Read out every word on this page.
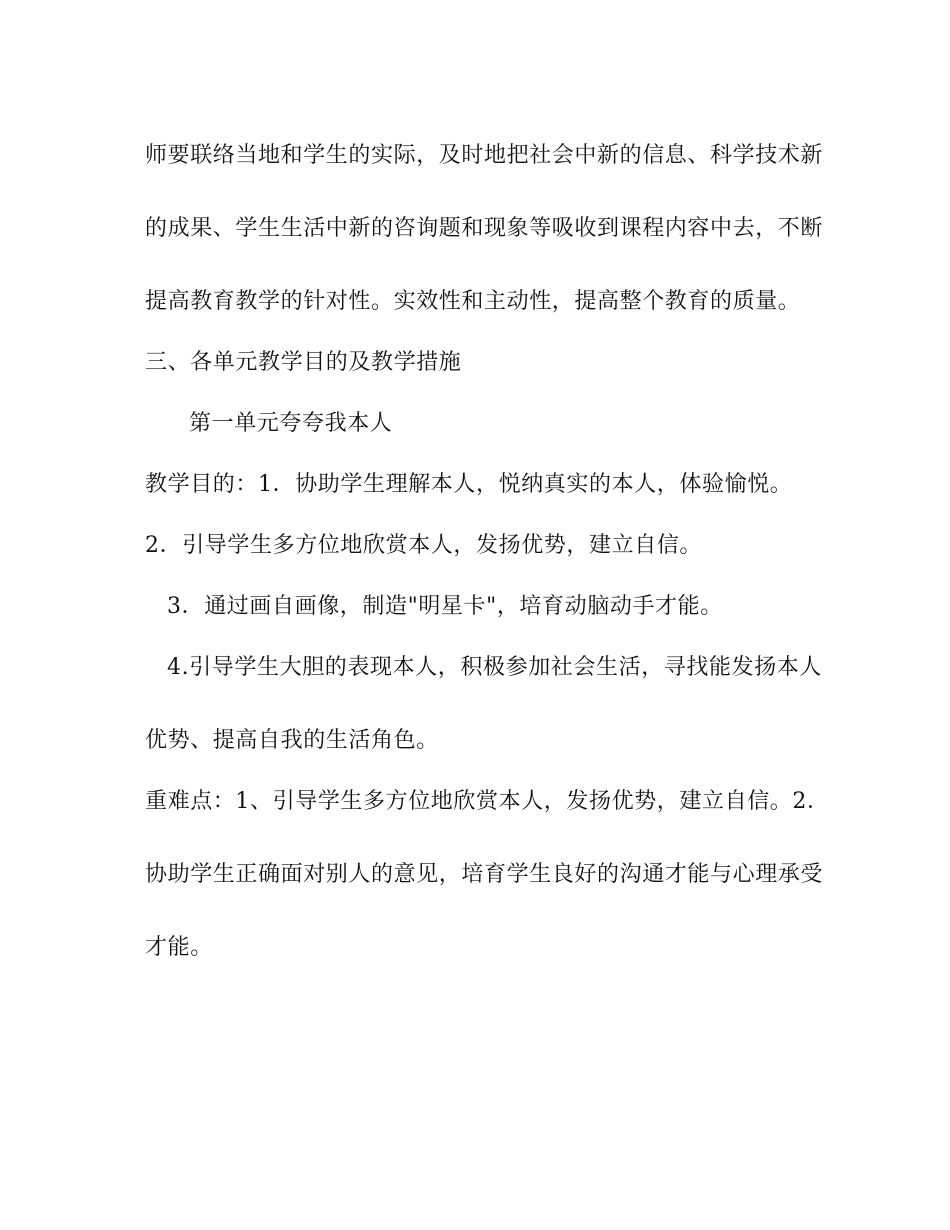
师要联络当地和学生的实际，及时地把社会中新的信息、科学技术新
的成果、学生生活中新的咨询题和现象等吸收到课程内容中去，不断
提高教育教学的针对性。实效性和主动性，提高整个教育的质量。
三、各单元教学目的及教学措施
第一单元夸夸我本人
教学目的：1．协助学生理解本人，悦纳真实的本人，体验愉悦。
2．引导学生多方位地欣赏本人，发扬优势，建立自信。
3．通过画自画像，制造"明星卡"，培育动脑动手才能。
4.引导学生大胆的表现本人，积极参加社会生活，寻找能发扬本人
优势、提高自我的生活角色。
重难点：1、引导学生多方位地欣赏本人，发扬优势，建立自信。2．
协助学生正确面对别人的意见，培育学生良好的沟通才能与心理承受
才能。
